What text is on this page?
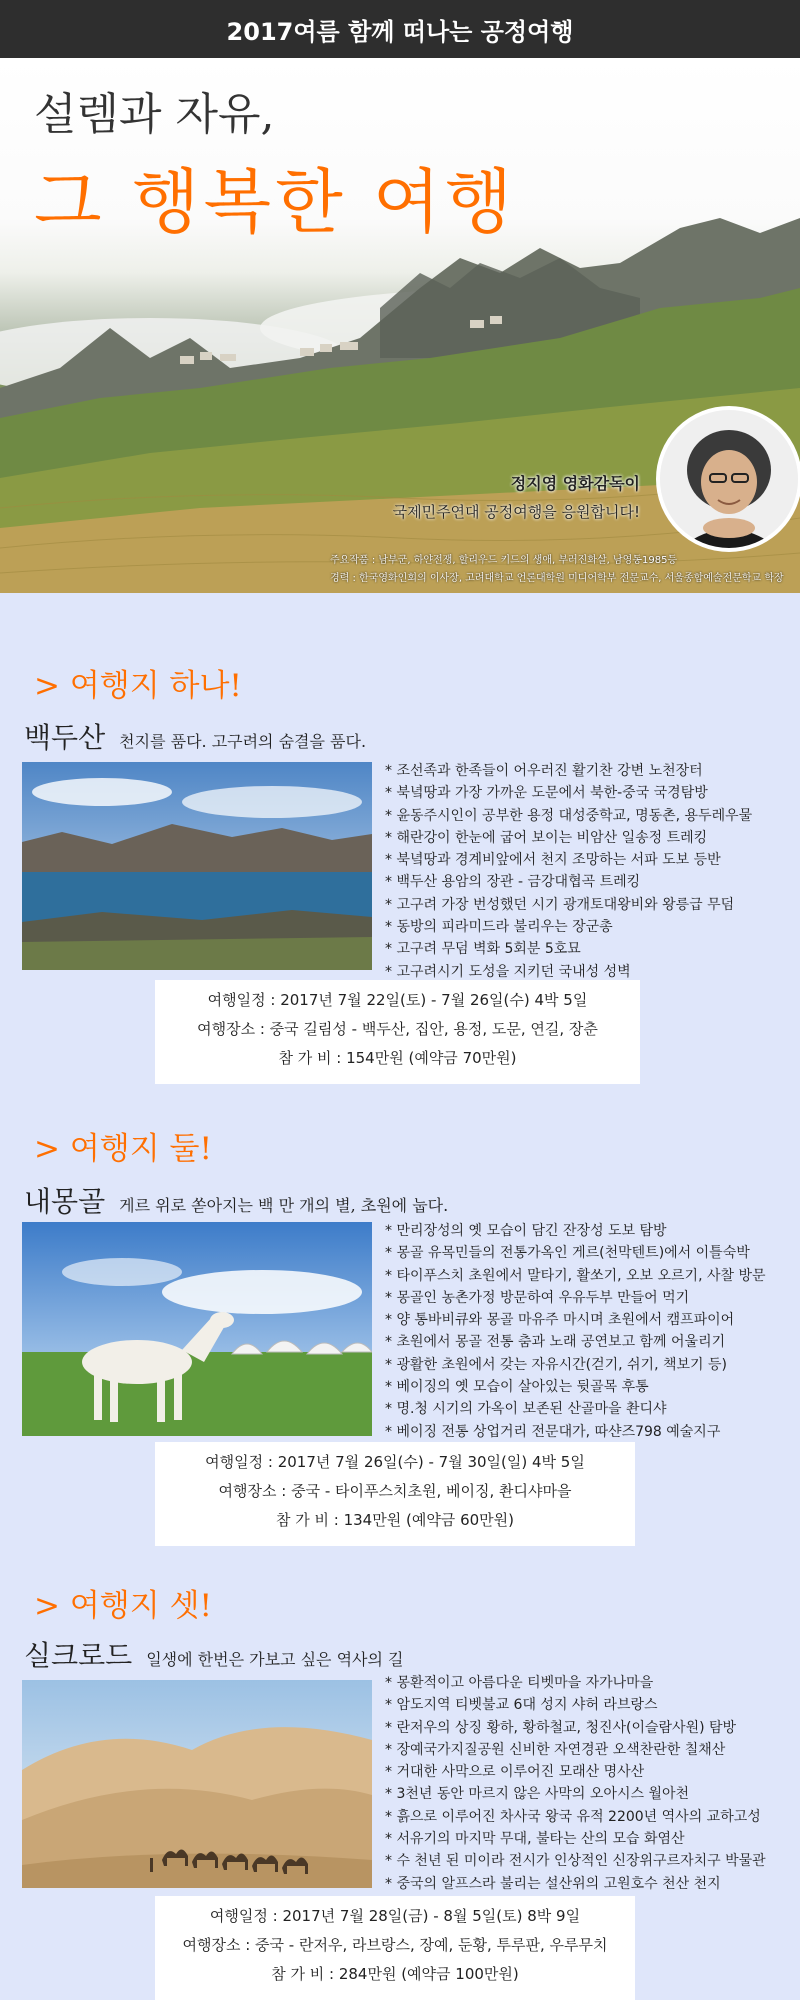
2017여름 함께 떠나는 공정여행
설렘과 자유,
그 행복한 여행
정지영 영화감독이
국제민주연대 공정여행을 응원합니다!
주요작품 : 남부군, 하얀전쟁, 할리우드 키드의 생애, 부러진화살, 남영동1985등
경력 : 한국영화인회의 이사장, 고려대학교 언론대학원 미디어학부 전문교수, 서울종합예술전문학교 학장
> 여행지 하나!
백두산 천지를 품다. 고구려의 숨결을 품다.
* 조선족과 한족들이 어우러진 활기찬 강변 노천장터
* 북녘땅과 가장 가까운 도문에서 북한-중국 국경탐방
* 윤동주시인이 공부한 용정 대성중학교, 명동촌, 용두레우물
* 해란강이 한눈에 굽어 보이는 비암산 일송정 트레킹
* 북녘땅과 경계비앞에서 천지 조망하는 서파 도보 등반
* 백두산 용암의 장관 - 금강대협곡 트레킹
* 고구려 가장 번성했던 시기 광개토대왕비와 왕릉급 무덤
* 동방의 피라미드라 불리우는 장군총
* 고구려 무덤 벽화 5회분 5호묘
* 고구려시기 도성을 지키던 국내성 성벽
여행일정 : 2017년 7월 22일(토) - 7월 26일(수) 4박 5일
여행장소 : 중국 길림성 - 백두산, 집안, 용정, 도문, 연길, 장춘
참 가 비 : 154만원 (예약금 70만원)
> 여행지 둘!
내몽골 게르 위로 쏟아지는 백 만 개의 별, 초원에 눕다.
* 만리장성의 옛 모습이 담긴 잔장성 도보 탐방
* 몽골 유목민들의 전통가옥인 게르(천막텐트)에서 이틀숙박
* 타이푸스치 초원에서 말타기, 활쏘기, 오보 오르기, 사찰 방문
* 몽골인 농촌가정 방문하여 우유두부 만들어 먹기
* 양 통바비큐와 몽골 마유주 마시며 초원에서 캠프파이어
* 초원에서 몽골 전통 춤과 노래 공연보고 함께 어울리기
* 광활한 초원에서 갖는 자유시간(걷기, 쉬기, 책보기 등)
* 베이징의 옛 모습이 살아있는 뒷골목 후통
* 명.청 시기의 가옥이 보존된 산골마을 촨디샤
* 베이징 전통 상업거리 전문대가, 따샨즈798 예술지구
여행일정 : 2017년 7월 26일(수) - 7월 30일(일) 4박 5일
여행장소 : 중국 - 타이푸스치초원, 베이징, 촨디샤마을
참 가 비 : 134만원 (예약금 60만원)
> 여행지 셋!
실크로드 일생에 한번은 가보고 싶은 역사의 길
* 몽환적이고 아름다운 티벳마을 자가나마을
* 암도지역 티벳불교 6대 성지 샤허 라브랑스
* 란저우의 상징 황하, 황하철교, 청진사(이슬람사원) 탐방
* 장예국가지질공원 신비한 자연경관 오색찬란한 칠채산
* 거대한 사막으로 이루어진 모래산 명사산
* 3천년 동안 마르지 않은 사막의 오아시스 월아천
* 흙으로 이루어진 차사국 왕국 유적 2200년 역사의 교하고성
* 서유기의 마지막 무대, 불타는 산의 모습 화염산
* 수 천년 된 미이라 전시가 인상적인 신장위구르자치구 박물관
* 중국의 알프스라 불리는 설산위의 고원호수 천산 천지
여행일정 : 2017년 7월 28일(금) - 8월 5일(토) 8박 9일
여행장소 : 중국 - 란저우, 라브랑스, 장예, 둔황, 투루판, 우루무치
참 가 비 : 284만원 (예약금 100만원)
